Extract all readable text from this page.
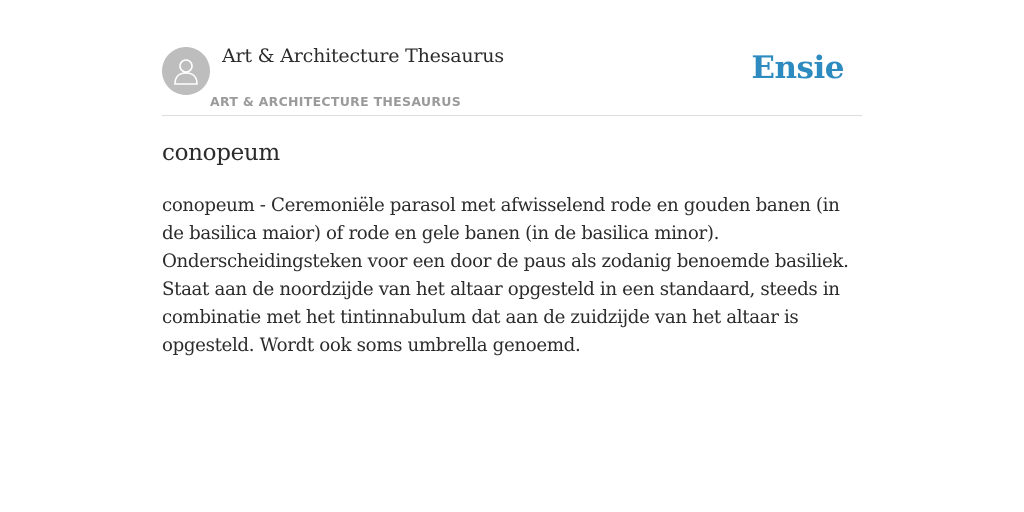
Art & Architecture Thesaurus
ART & ARCHITECTURE THESAURUS
Ensie
conopeum

conopeum - Ceremoniële parasol met afwisselend rode en gouden banen (in de basilica maior) of rode en gele banen (in de basilica minor). Onderscheidingsteken voor een door de paus als zodanig benoemde basiliek. Staat aan de noordzijde van het altaar opgesteld in een standaard, steeds in combinatie met het tintinnabulum dat aan de zuidzijde van het altaar is opgesteld. Wordt ook soms umbrella genoemd.
